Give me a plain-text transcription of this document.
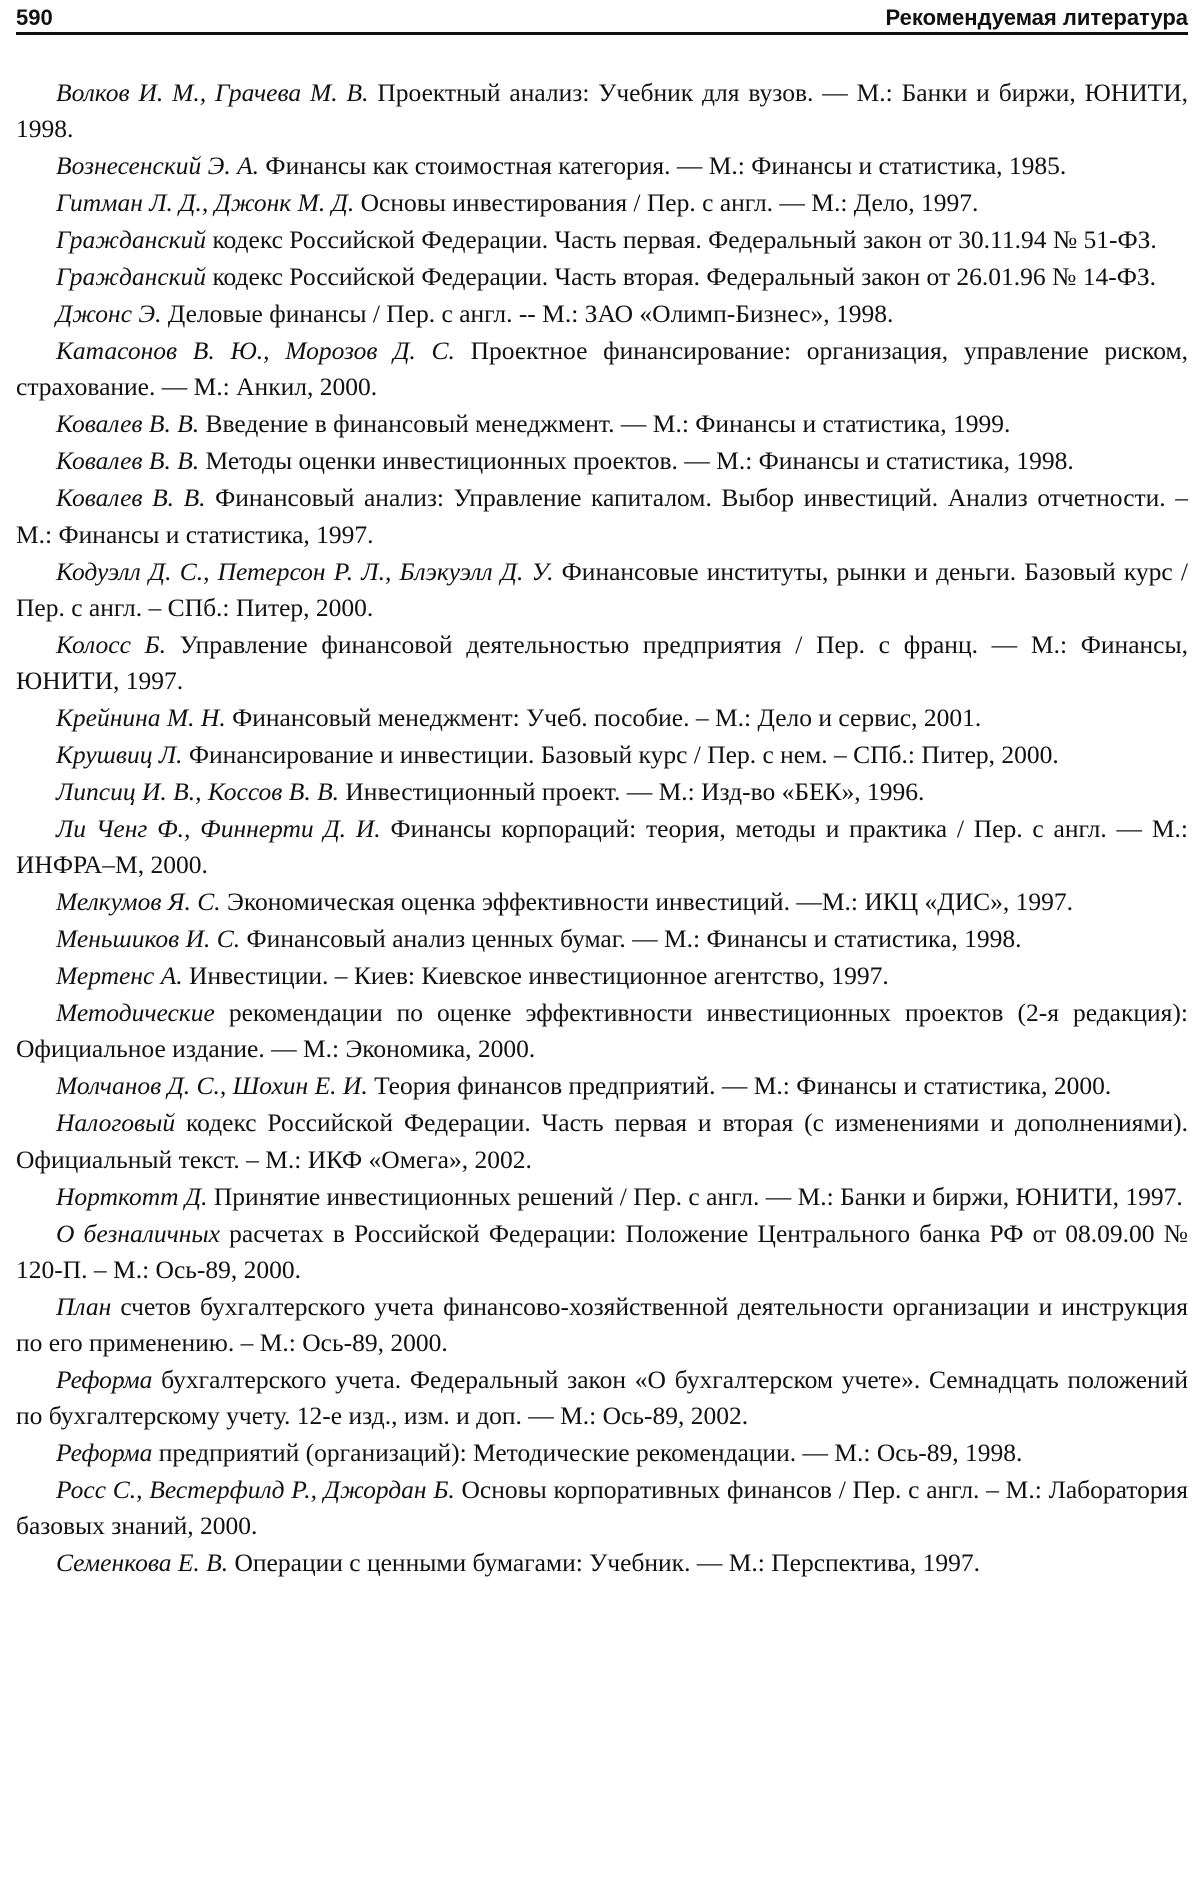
590	Рекомендуемая литература

Волков И. М., Грачева М. В. Проектный анализ: Учебник для вузов. — М.: Банки и биржи, ЮНИТИ, 1998.

Вознесенский Э. А. Финансы как стоимостная категория. — М.: Финансы и статистика, 1985.

Гитман Л. Д., Джонк М. Д. Основы инвестирования / Пер. с англ. — М.: Дело, 1997.

Гражданский кодекс Российской Федерации. Часть первая. Федеральный закон от 30.11.94 № 51-ФЗ.

Гражданский кодекс Российской Федерации. Часть вторая. Федеральный закон от 26.01.96 № 14-ФЗ.

Джонс Э. Деловые финансы / Пер. с англ. -- М.: ЗАО «Олимп-Бизнес», 1998.

Катасонов В. Ю., Морозов Д. С. Проектное финансирование: организация, управление риском, страхование. — М.: Анкил, 2000.

Ковалев В. В. Введение в финансовый менеджмент. — М.: Финансы и статистика, 1999.

Ковалев В. В. Методы оценки инвестиционных проектов. — М.: Финансы и статистика, 1998.

Ковалев В. В. Финансовый анализ: Управление капиталом. Выбор инвестиций. Анализ отчетности. – М.: Финансы и статистика, 1997.

Кодуэлл Д. С., Петерсон Р. Л., Блэкуэлл Д. У. Финансовые институты, рынки и деньги. Базовый курс / Пер. с англ. – СПб.: Питер, 2000.

Колосс Б. Управление финансовой деятельностью предприятия / Пер. с франц. — М.: Финансы, ЮНИТИ, 1997.

Крейнина М. Н. Финансовый менеджмент: Учеб. пособие. – М.: Дело и сервис, 2001.

Крушвиц Л. Финансирование и инвестиции. Базовый курс / Пер. с нем. – СПб.: Питер, 2000.

Липсиц И. В., Коссов В. В. Инвестиционный проект. — М.: Изд-во «БЕК», 1996.

Ли Ченг Ф., Финнерти Д. И. Финансы корпораций: теория, методы и практика / Пер. с англ. — М.: ИНФРА–М, 2000.

Мелкумов Я. С. Экономическая оценка эффективности инвестиций. —М.: ИКЦ «ДИС», 1997.

Меньшиков И. С. Финансовый анализ ценных бумаг. — М.: Финансы и статистика, 1998.

Мертенс А. Инвестиции. – Киев: Киевское инвестиционное агентство, 1997.

Методические рекомендации по оценке эффективности инвестиционных проектов (2-я редакция): Официальное издание. — М.: Экономика, 2000.

Молчанов Д. С., Шохин Е. И. Теория финансов предприятий. — М.: Финансы и статистика, 2000.

Налоговый кодекс Российской Федерации. Часть первая и вторая (с изменениями и дополнениями). Официальный текст. – М.: ИКФ «Омега», 2002.

Норткотт Д. Принятие инвестиционных решений / Пер. с англ. — М.: Банки и биржи, ЮНИТИ, 1997.

О безналичных расчетах в Российской Федерации: Положение Центрального банка РФ от 08.09.00 № 120-П. – М.: Ось-89, 2000.

План счетов бухгалтерского учета финансово-хозяйственной деятельности организации и инструкция по его применению. – М.: Ось-89, 2000.

Реформа бухгалтерского учета. Федеральный закон «О бухгалтерском учете». Семнадцать положений по бухгалтерскому учету. 12-е изд., изм. и доп. — М.: Ось-89, 2002.

Реформа предприятий (организаций): Методические рекомендации. — М.: Ось-89, 1998.

Росс С., Вестерфилд Р., Джордан Б. Основы корпоративных финансов / Пер. с англ. – М.: Лаборатория базовых знаний, 2000.

Семенкова Е. В. Операции с ценными бумагами: Учебник. — М.: Перспектива, 1997.
